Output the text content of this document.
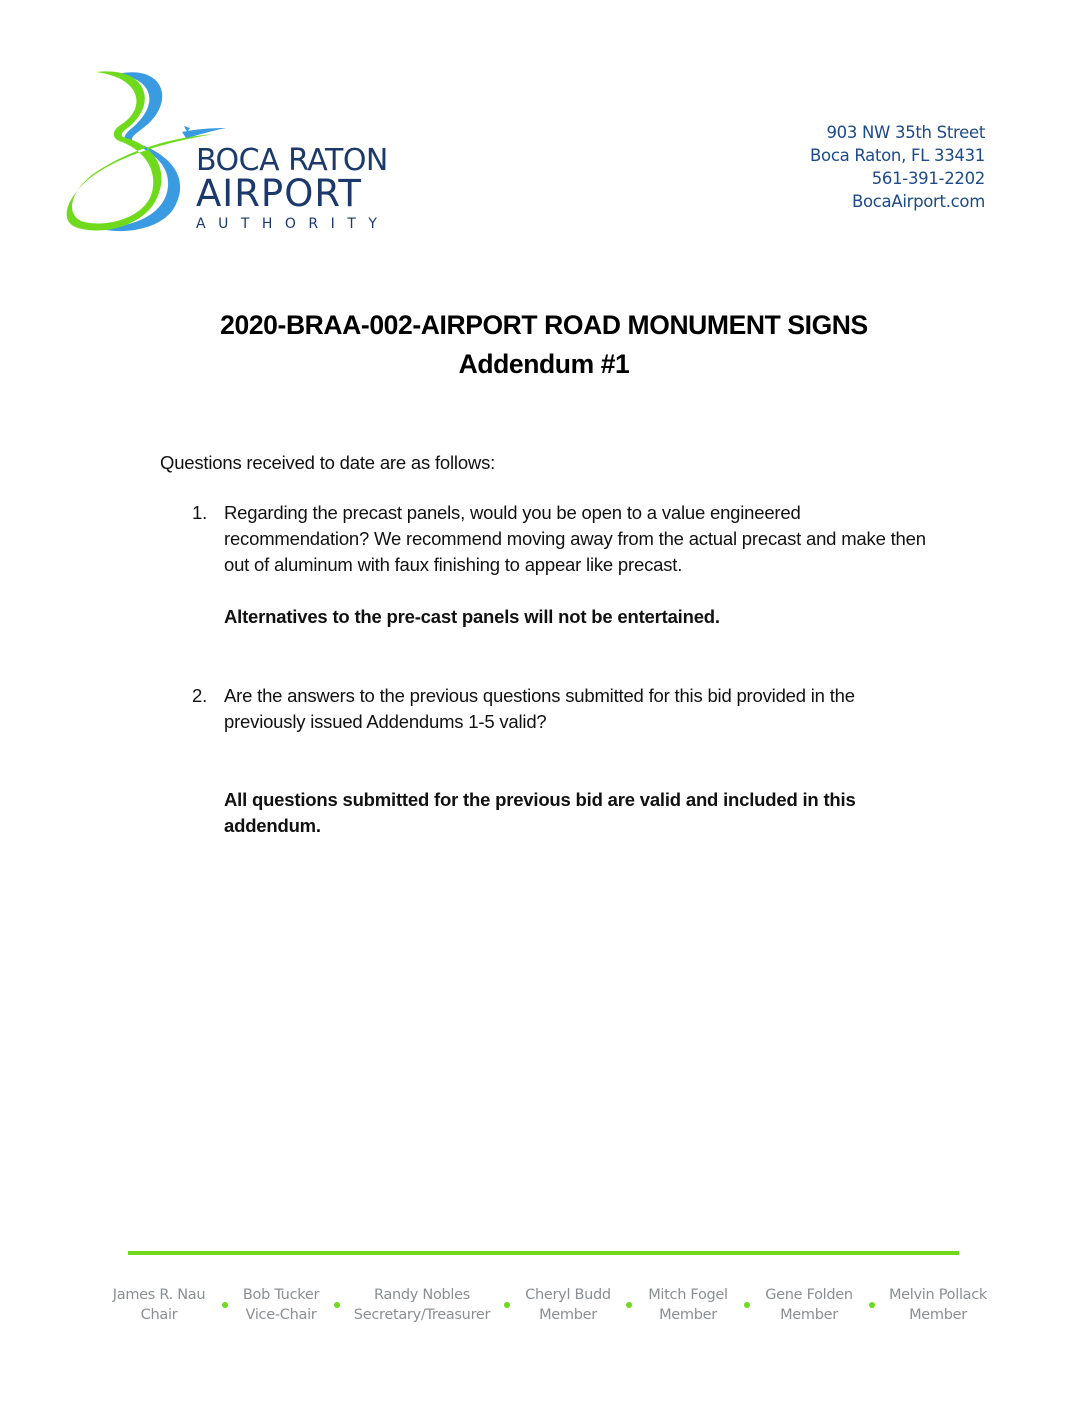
BOCA RATON
AIRPORT
AUTHORITY
903 NW 35th Street
Boca Raton, FL 33431
561-391-2202
BocaAirport.com
2020-BRAA-002-AIRPORT ROAD MONUMENT SIGNS
Addendum #1
Questions received to date are as follows:
1. Regarding the precast panels, would you be open to a value engineered recommendation? We recommend moving away from the actual precast and make then out of aluminum with faux finishing to appear like precast.
Alternatives to the pre-cast panels will not be entertained.
2. Are the answers to the previous questions submitted for this bid provided in the previously issued Addendums 1-5 valid?
All questions submitted for the previous bid are valid and included in this addendum.
James R. Nau
Chair
Bob Tucker
Vice-Chair
Randy Nobles
Secretary/Treasurer
Cheryl Budd
Member
Mitch Fogel
Member
Gene Folden
Member
Melvin Pollack
Member
